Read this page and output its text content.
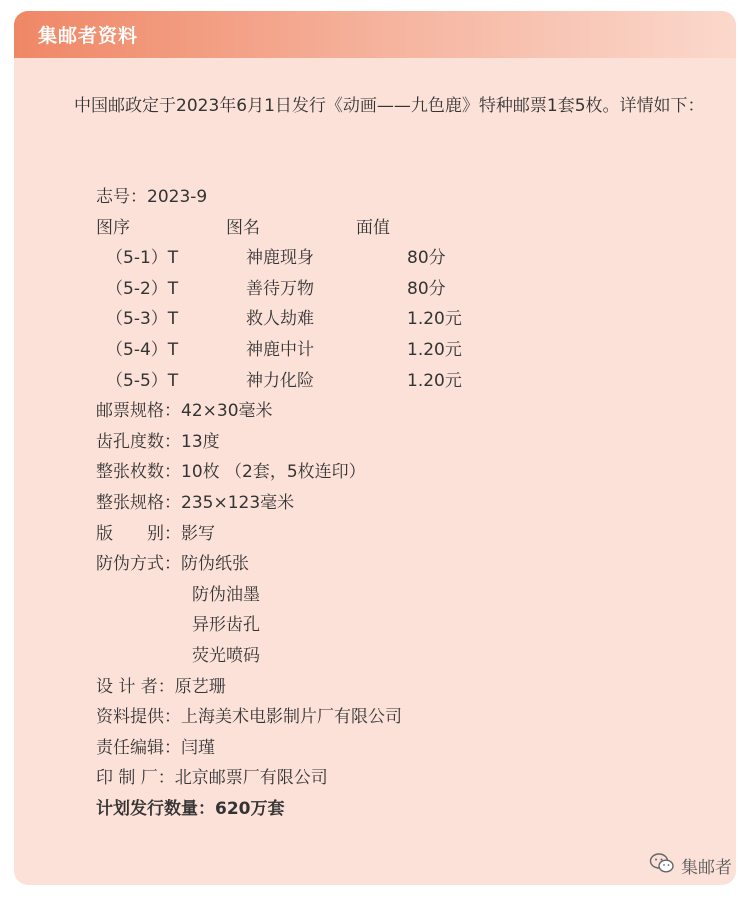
集邮者资料

中国邮政定于2023年6月1日发行《动画——九色鹿》特种邮票1套5枚。详情如下：

志号：2023-9
图序	图名	面值
（5-1）T	神鹿现身	80分
（5-2）T	善待万物	80分
（5-3）T	救人劫难	1.20元
（5-4）T	神鹿中计	1.20元
（5-5）T	神力化险	1.20元
邮票规格：42×30毫米
齿孔度数：13度
整张枚数：10枚 （2套，5枚连印）
整张规格：235×123毫米
版　　别：影写
防伪方式：防伪纸张
防伪油墨
异形齿孔
荧光喷码
设 计 者：原艺珊
资料提供：上海美术电影制片厂有限公司
责任编辑：闫瑾
印 制 厂：北京邮票厂有限公司
计划发行数量：620万套
集邮者
